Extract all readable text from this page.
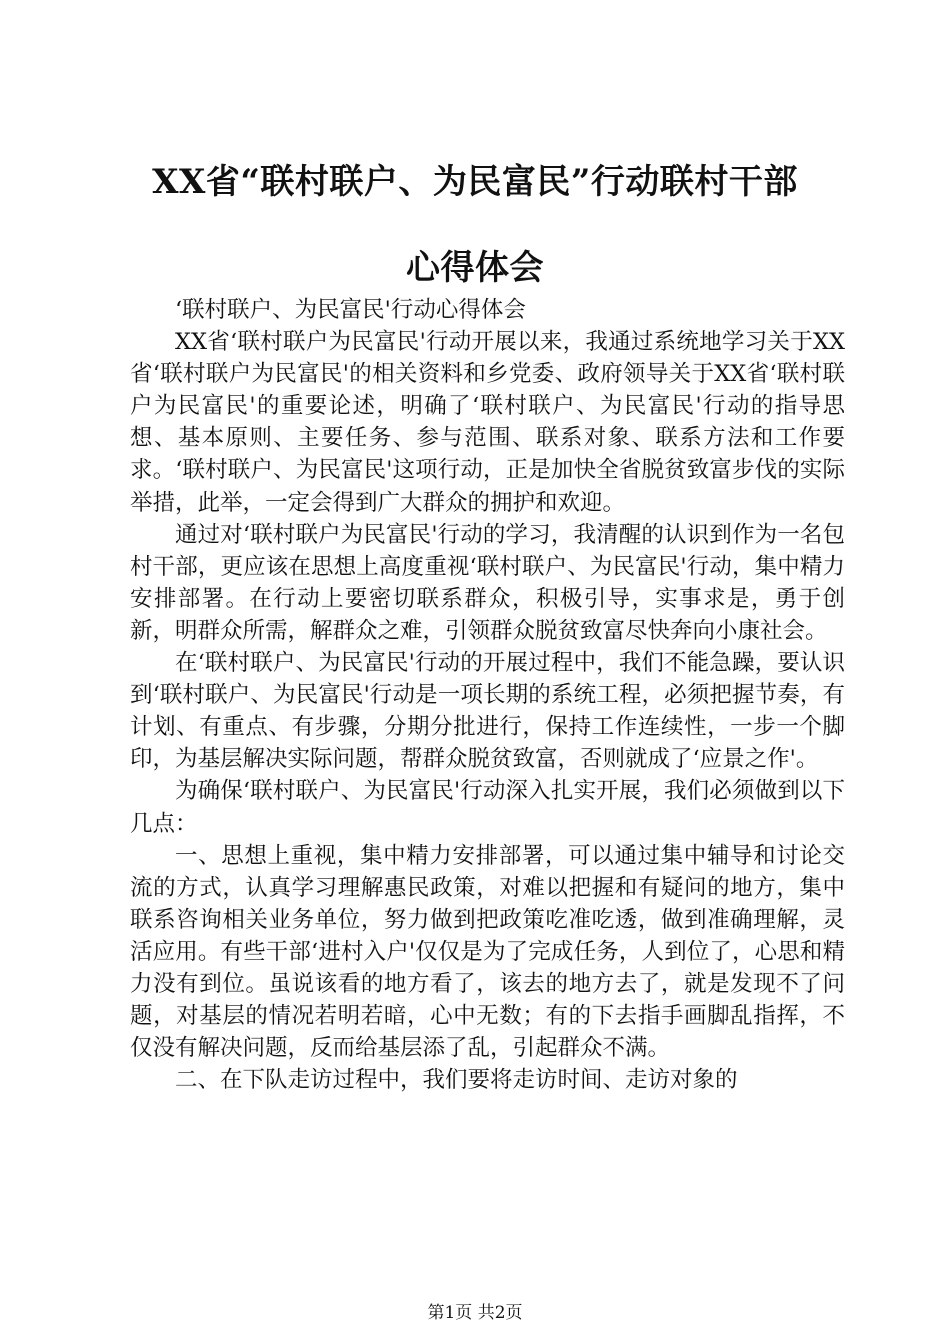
XX省“联村联户、为民富民”行动联村干部
心得体会

‘联村联户、为民富民'行动心得体会

XX省‘联村联户为民富民'行动开展以来，我通过系统地学习关于XX省‘联村联户为民富民'的相关资料和乡党委、政府领导关于XX省‘联村联户为民富民'的重要论述，明确了‘联村联户、为民富民'行动的指导思想、基本原则、主要任务、参与范围、联系对象、联系方法和工作要求。‘联村联户、为民富民'这项行动，正是加快全省脱贫致富步伐的实际举措，此举，一定会得到广大群众的拥护和欢迎。

通过对‘联村联户为民富民'行动的学习，我清醒的认识到作为一名包村干部，更应该在思想上高度重视‘联村联户、为民富民'行动，集中精力安排部署。在行动上要密切联系群众，积极引导，实事求是，勇于创新，明群众所需，解群众之难，引领群众脱贫致富尽快奔向小康社会。

在‘联村联户、为民富民'行动的开展过程中，我们不能急躁，要认识到‘联村联户、为民富民'行动是一项长期的系统工程，必须把握节奏，有计划、有重点、有步骤，分期分批进行，保持工作连续性，一步一个脚印，为基层解决实际问题，帮群众脱贫致富，否则就成了‘应景之作'。

为确保‘联村联户、为民富民'行动深入扎实开展，我们必须做到以下几点：

一、思想上重视，集中精力安排部署，可以通过集中辅导和讨论交流的方式，认真学习理解惠民政策，对难以把握和有疑问的地方，集中联系咨询相关业务单位，努力做到把政策吃准吃透，做到准确理解，灵活应用。有些干部‘进村入户'仅仅是为了完成任务，人到位了，心思和精力没有到位。虽说该看的地方看了，该去的地方去了，就是发现不了问题，对基层的情况若明若暗，心中无数；有的下去指手画脚乱指挥，不仅没有解决问题，反而给基层添了乱，引起群众不满。

二、在下队走访过程中，我们要将走访时间、走访对象的

第1页 共2页
